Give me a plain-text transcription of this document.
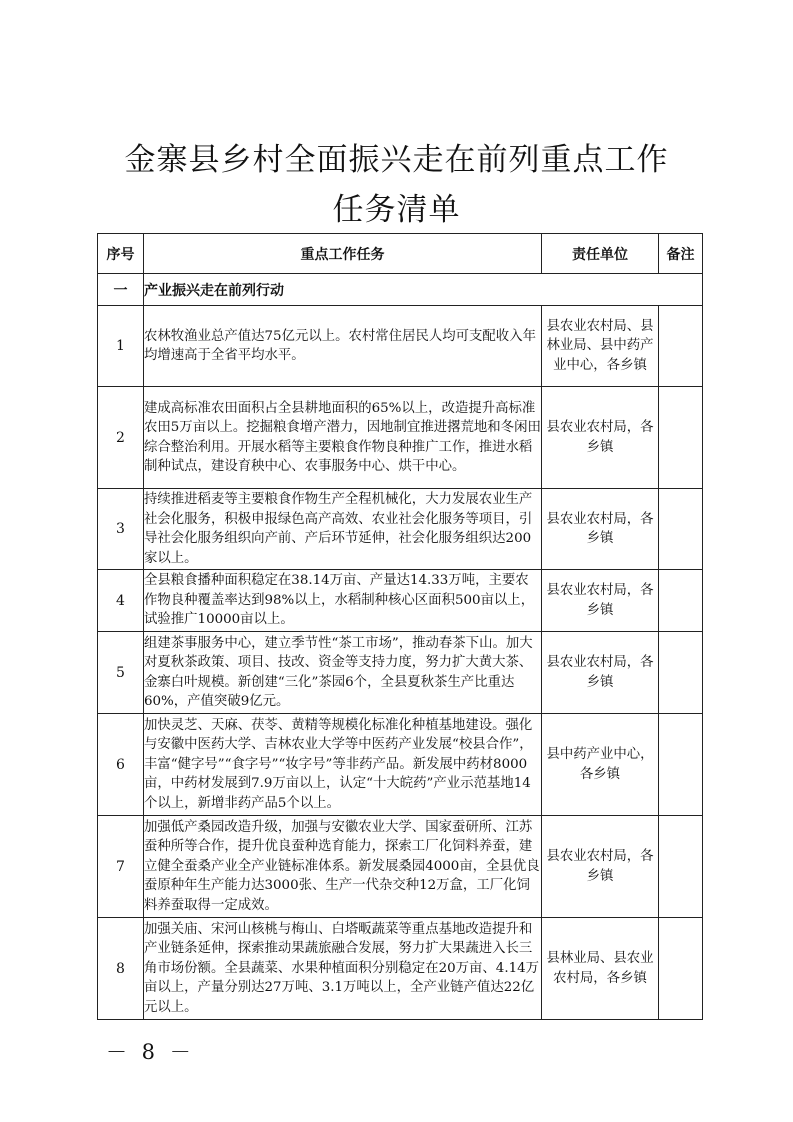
金寨县乡村全面振兴走在前列重点工作
任务清单
序号	重点工作任务	责任单位	备注
一	产业振兴走在前列行动		
1	农林牧渔业总产值达75亿元以上。农村常住居民人均可支配收入年均增速高于全省平均水平。	县农业农村局、县林业局、县中药产业中心，各乡镇	
2	建成高标准农田面积占全县耕地面积的65%以上，改造提升高标准农田5万亩以上。挖掘粮食增产潜力，因地制宜推进撂荒地和冬闲田综合整治利用。开展水稻等主要粮食作物良种推广工作，推进水稻制种试点，建设育秧中心、农事服务中心、烘干中心。	县农业农村局，各乡镇	
3	持续推进稻麦等主要粮食作物生产全程机械化，大力发展农业生产社会化服务，积极申报绿色高产高效、农业社会化服务等项目，引导社会化服务组织向产前、产后环节延伸，社会化服务组织达200家以上。	县农业农村局，各乡镇	
4	全县粮食播种面积稳定在38.14万亩、产量达14.33万吨，主要农作物良种覆盖率达到98%以上，水稻制种核心区面积500亩以上，试验推广10000亩以上。	县农业农村局，各乡镇	
5	组建茶事服务中心，建立季节性“茶工市场”，推动春茶下山。加大对夏秋茶政策、项目、技改、资金等支持力度，努力扩大黄大茶、金寨白叶规模。新创建“三化”茶园6个，全县夏秋茶生产比重达60%，产值突破9亿元。	县农业农村局，各乡镇	
6	加快灵芝、天麻、茯苓、黄精等规模化标准化种植基地建设。强化与安徽中医药大学、吉林农业大学等中医药产业发展“校县合作”，丰富“健字号”“食字号”“妆字号”等非药产品。新发展中药材8000亩，中药材发展到7.9万亩以上，认定“十大皖药”产业示范基地14个以上，新增非药产品5个以上。	县中药产业中心，各乡镇	
7	加强低产桑园改造升级，加强与安徽农业大学、国家蚕研所、江苏蚕种所等合作，提升优良蚕种选育能力，探索工厂化饲料养蚕，建立健全蚕桑产业全产业链标准体系。新发展桑园4000亩，全县优良蚕原种年生产能力达3000张、生产一代杂交种12万盒，工厂化饲料养蚕取得一定成效。	县农业农村局，各乡镇	
8	加强关庙、宋河山核桃与梅山、白塔畈蔬菜等重点基地改造提升和产业链条延伸，探索推动果蔬旅融合发展，努力扩大果蔬进入长三角市场份额。全县蔬菜、水果种植面积分别稳定在20万亩、4.14万亩以上，产量分别达27万吨、3.1万吨以上，全产业链产值达22亿元以上。	县林业局、县农业农村局，各乡镇	
－ 8 －
